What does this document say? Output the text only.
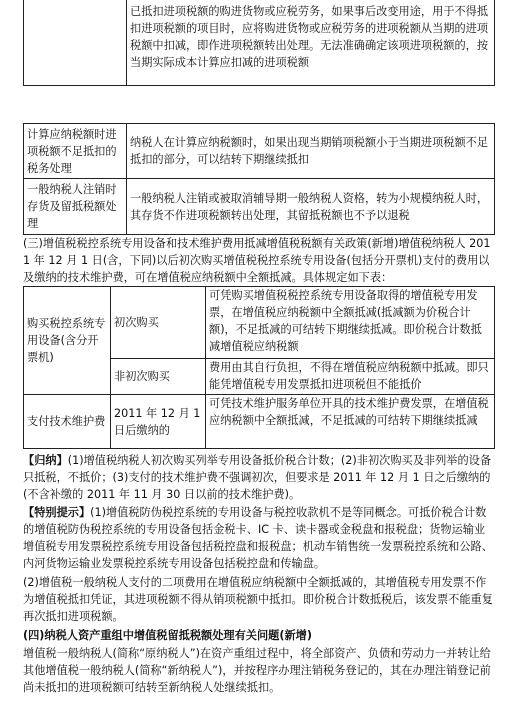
	已抵扣进项税额的购进货物或应税劳务，如果事后改变用途，用于不得抵扣进项税额的项目时，应将购进货物或应税劳务的进项税额从当期的进项税额中扣减，即作进项税额转出处理。无法准确确定该项进项税额的，按当期实际成本计算应扣减的进项税额
计算应纳税额时进项税额不足抵扣的税务处理	纳税人在计算应纳税额时，如果出现当期销项税额小于当期进项税额不足抵扣的部分，可以结转下期继续抵扣
一般纳税人注销时存货及留抵税额处理	一般纳税人注销或被取消辅导期一般纳税人资格，转为小规模纳税人时，其存货不作进项税额转出处理，其留抵税额也不予以退税
(三)增值税税控系统专用设备和技术维护费用抵减增值税税额有关政策(新增)增值税纳税人 2011 年 12 月 1 日(含，下同)以后初次购买增值税税控系统专用设备(包括分开票机)支付的费用以及缴纳的技术维护费，可在增值税应纳税额中全额抵减。具体规定如下表：
购买税控系统专用设备(含分开票机)	初次购买	可凭购买增值税税控系统专用设备取得的增值税专用发票，在增值税应纳税额中全额抵减(抵减额为价税合计额)，不足抵减的可结转下期继续抵减。即价税合计数抵减增值税应纳税额
	非初次购买	费用由其自行负担，不得在增值税应纳税额中抵减。即只能凭增值税专用发票抵扣进项税但不能抵价
支付技术维护费	2011 年 12 月 1 日后缴纳的	可凭技术维护服务单位开具的技术维护费发票，在增值税应纳税额中全额抵减，不足抵减的可结转下期继续抵减
【归纳】(1)增值税纳税人初次购买列举专用设备抵价税合计数；(2)非初次购买及非列举的设备只抵税，不抵价；(3)支付的技术维护费不强调初次，但要求是 2011 年 12 月 1 日之后缴纳的(不含补缴的 2011 年 11 月 30 日以前的技术维护费)。
【特别提示】(1)增值税防伪税控系统的专用设备与税控收款机不是等同概念。可抵价税合计数的增值税防伪税控系统的专用设备包括金税卡、IC 卡、读卡器或金税盘和报税盘；货物运输业增值税专用发票税控系统专用设备包括税控盘和报税盘；机动车销售统一发票税控系统和公路、内河货物运输业发票税控系统专用设备包括税控盘和传输盘。
(2)增值税一般纳税人支付的二项费用在增值税应纳税额中全额抵减的，其增值税专用发票不作为增值税抵扣凭证，其进项税额不得从销项税额中抵扣。即价税合计数抵税后，该发票不能重复再次抵扣进项税额。
(四)纳税人资产重组中增值税留抵税额处理有关问题(新增)
增值税一般纳税人(简称“原纳税人”)在资产重组过程中，将全部资产、负债和劳动力一并转让给其他增值税一般纳税人(简称“新纳税人”)，并按程序办理注销税务登记的，其在办理注销登记前尚未抵扣的进项税额可结转至新纳税人处继续抵扣。
